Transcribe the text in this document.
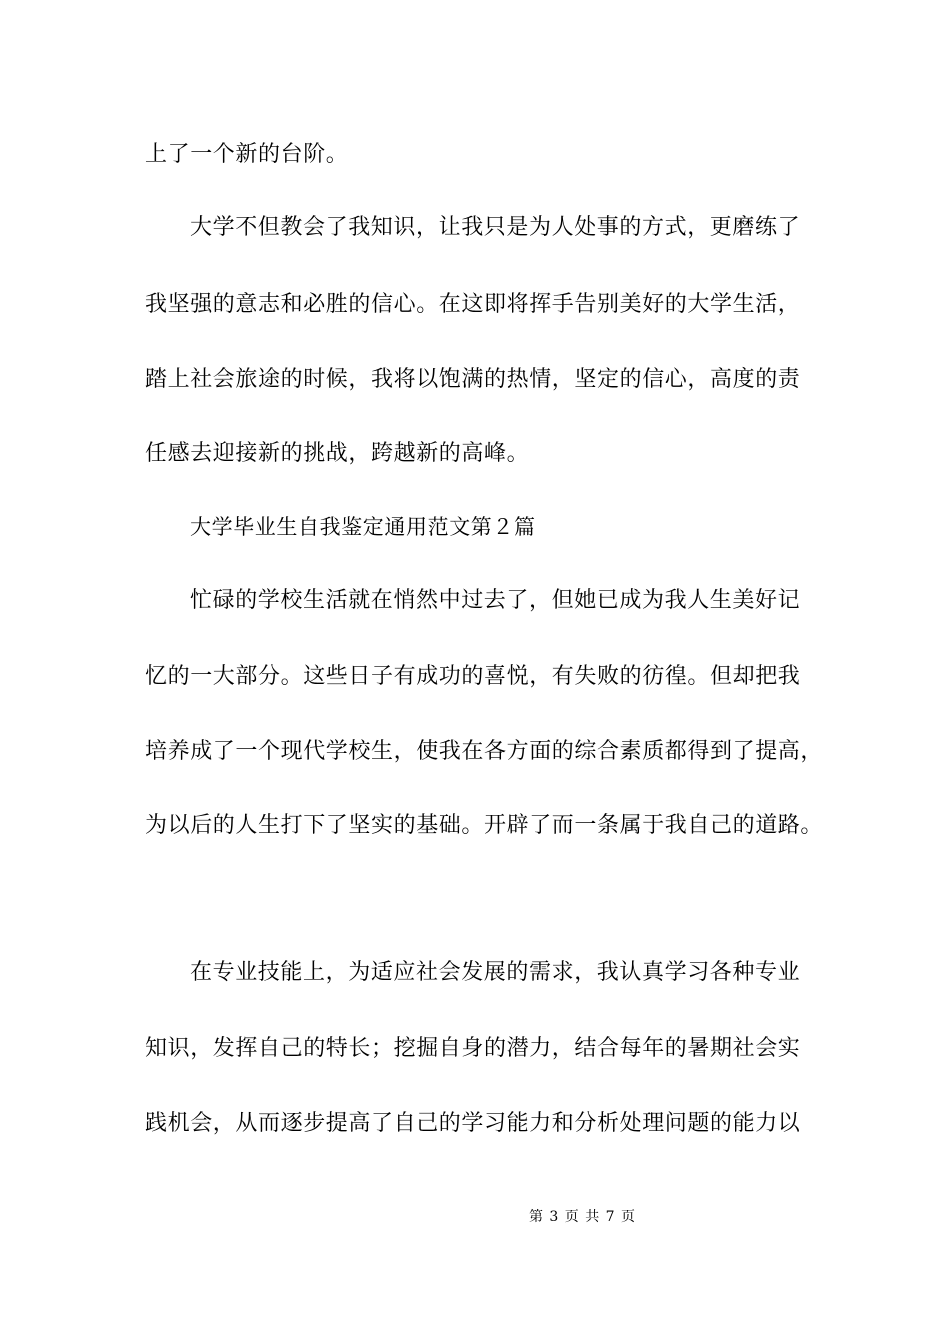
上了一个新的台阶。
大学不但教会了我知识，让我只是为人处事的方式，更磨练了
我坚强的意志和必胜的信心。在这即将挥手告别美好的大学生活，
踏上社会旅途的时候，我将以饱满的热情，坚定的信心，高度的责
任感去迎接新的挑战，跨越新的高峰。
大学毕业生自我鉴定通用范文第２篇
忙碌的学校生活就在悄然中过去了，但她已成为我人生美好记
忆的一大部分。这些日子有成功的喜悦，有失败的彷徨。但却把我
培养成了一个现代学校生，使我在各方面的综合素质都得到了提高，
为以后的人生打下了坚实的基础。开辟了而一条属于我自己的道路。
在专业技能上，为适应社会发展的需求，我认真学习各种专业
知识，发挥自己的特长；挖掘自身的潜力，结合每年的暑期社会实
践机会，从而逐步提高了自己的学习能力和分析处理问题的能力以
第 3 页 共 7 页
